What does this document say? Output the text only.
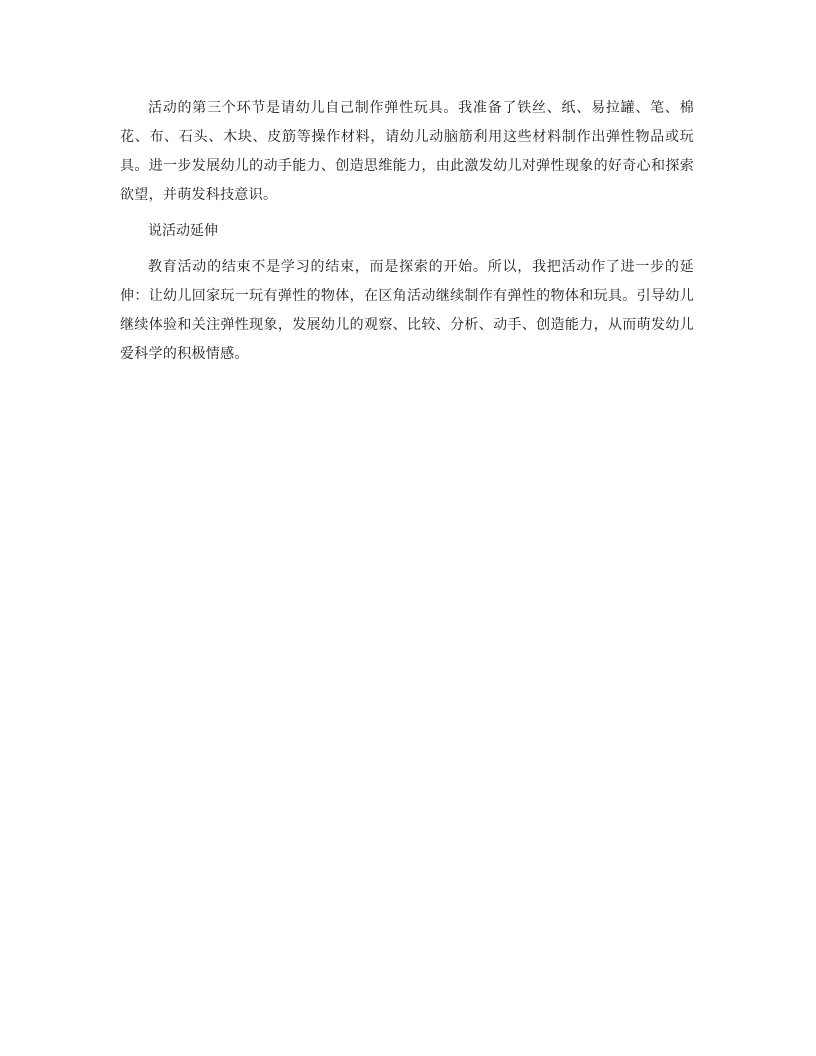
活动的第三个环节是请幼儿自己制作弹性玩具。我准备了铁丝、纸、易拉罐、笔、棉花、布、石头、木块、皮筋等操作材料，请幼儿动脑筋利用这些材料制作出弹性物品或玩具。进一步发展幼儿的动手能力、创造思维能力，由此激发幼儿对弹性现象的好奇心和探索欲望，并萌发科技意识。

说活动延伸

教育活动的结束不是学习的结束，而是探索的开始。所以，我把活动作了进一步的延伸：让幼儿回家玩一玩有弹性的物体，在区角活动继续制作有弹性的物体和玩具。引导幼儿继续体验和关注弹性现象，发展幼儿的观察、比较、分析、动手、创造能力，从而萌发幼儿爱科学的积极情感。
